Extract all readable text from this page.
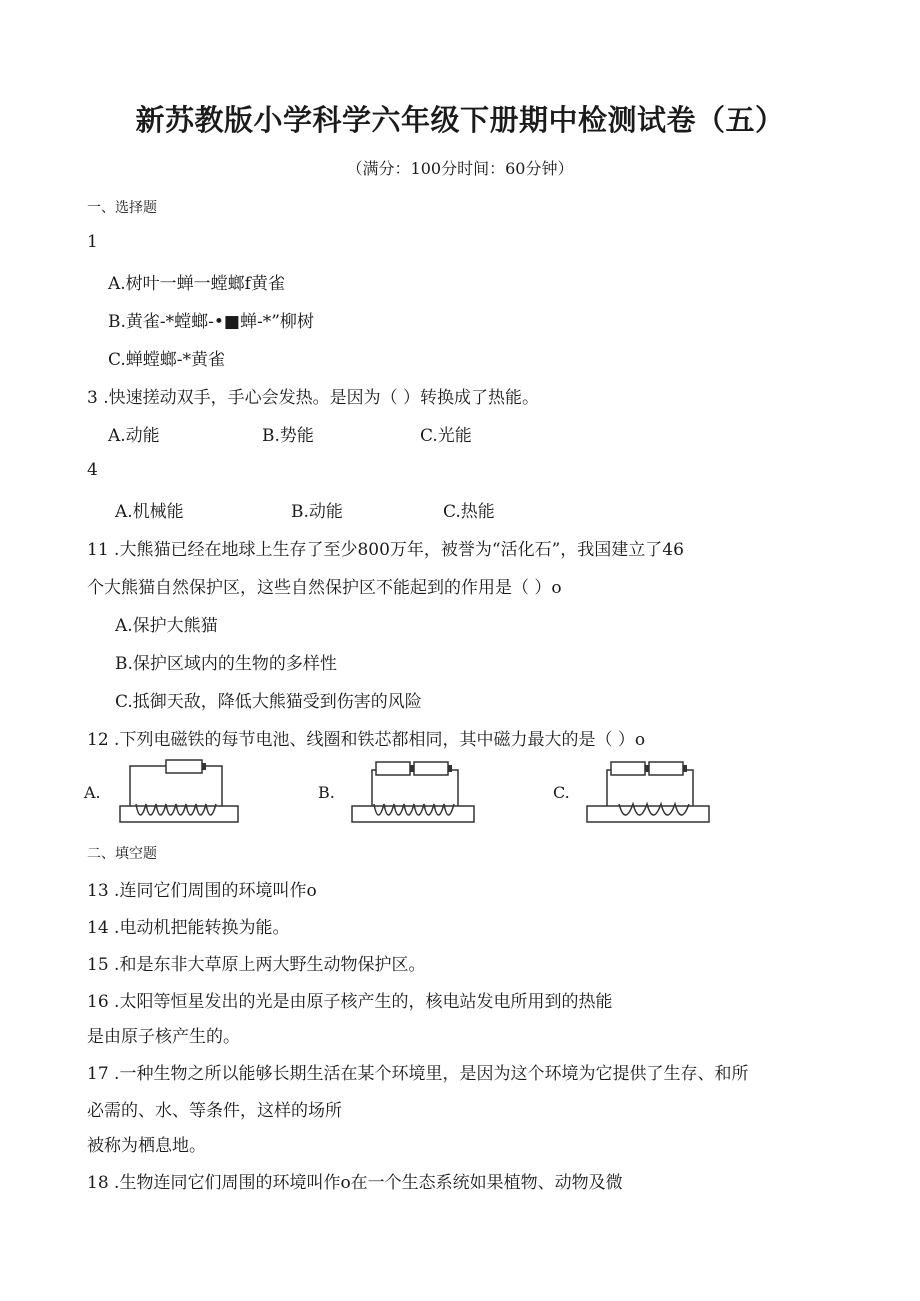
新苏教版小学科学六年级下册期中检测试卷（五）
（满分：100分时间：60分钟）
一、选择题
1
A.树叶一蝉一螳螂f黄雀
B.黄雀-*螳螂-•■蝉-*”柳树
C.蝉螳螂-*黄雀
3 .快速搓动双手，手心会发热。是因为（ ）转换成了热能。
A.动能	B.势能	C.光能
4
A.机械能	B.动能	C.热能
11 .大熊猫已经在地球上生存了至少800万年，被誉为“活化石”，我国建立了46
个大熊猫自然保护区，这些自然保护区不能起到的作用是（ ）o
A.保护大熊猫
B.保护区域内的生物的多样性
C.抵御天敌，降低大熊猫受到伤害的风险
12 .下列电磁铁的每节电池、线圈和铁芯都相同，其中磁力最大的是（ ）o
A.	B.	C.
二、填空题
13 .连同它们周围的环境叫作o
14 .电动机把能转换为能。
15 .和是东非大草原上两大野生动物保护区。
16 .太阳等恒星发出的光是由原子核产生的，核电站发电所用到的热能
是由原子核产生的。
17 .一种生物之所以能够长期生活在某个环境里，是因为这个环境为它提供了生存、和所
必需的、水、等条件，这样的场所
被称为栖息地。
18 .生物连同它们周围的环境叫作o在一个生态系统如果植物、动物及微
